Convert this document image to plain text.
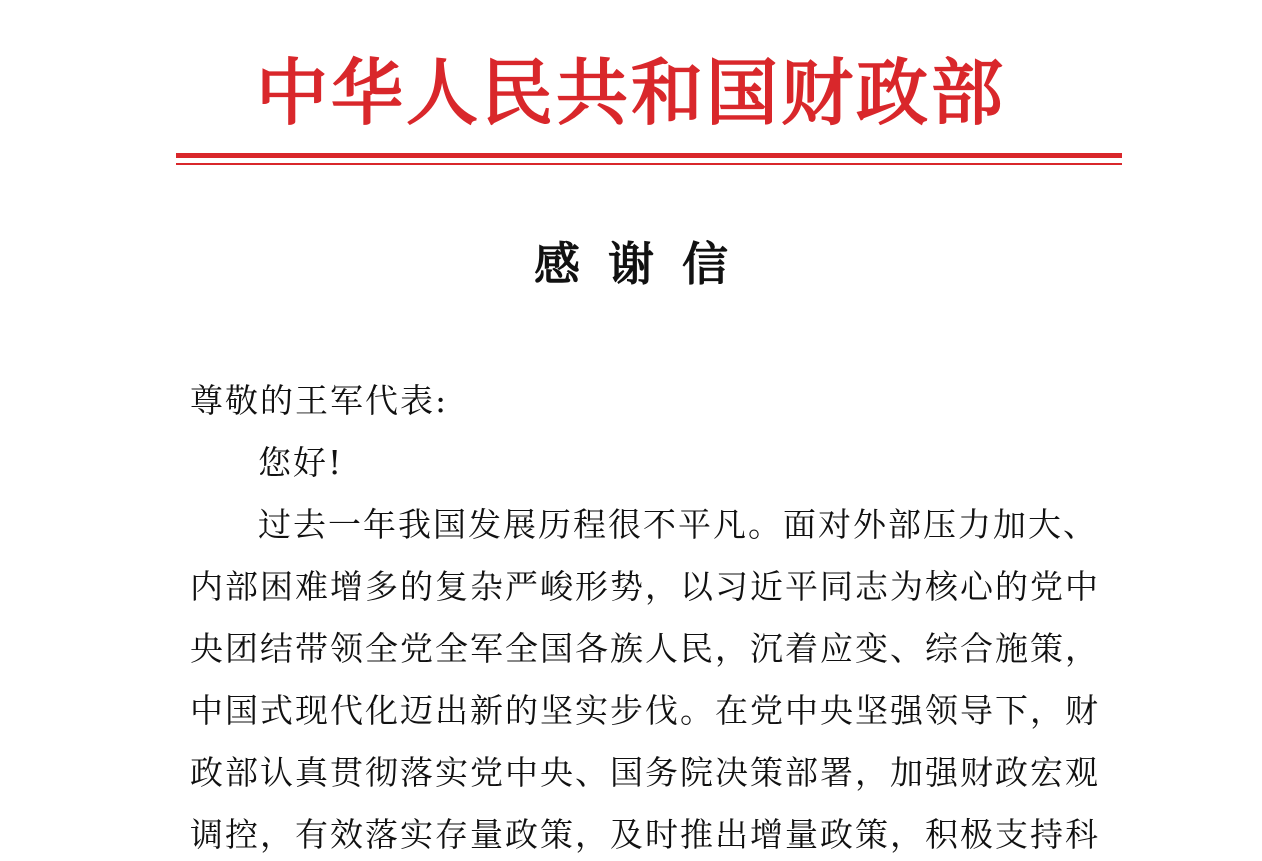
中华人民共和国财政部
感谢信
尊敬的王军代表:
您好!
过去一年我国发展历程很不平凡。面对外部压力加大、
内部困难增多的复杂严峻形势，以习近平同志为核心的党中
央团结带领全党全军全国各族人民，沉着应变、综合施策，
中国式现代化迈出新的坚实步伐。在党中央坚强领导下，财
政部认真贯彻落实党中央、国务院决策部署，加强财政宏观
调控，有效落实存量政策，及时推出增量政策，积极支持科
